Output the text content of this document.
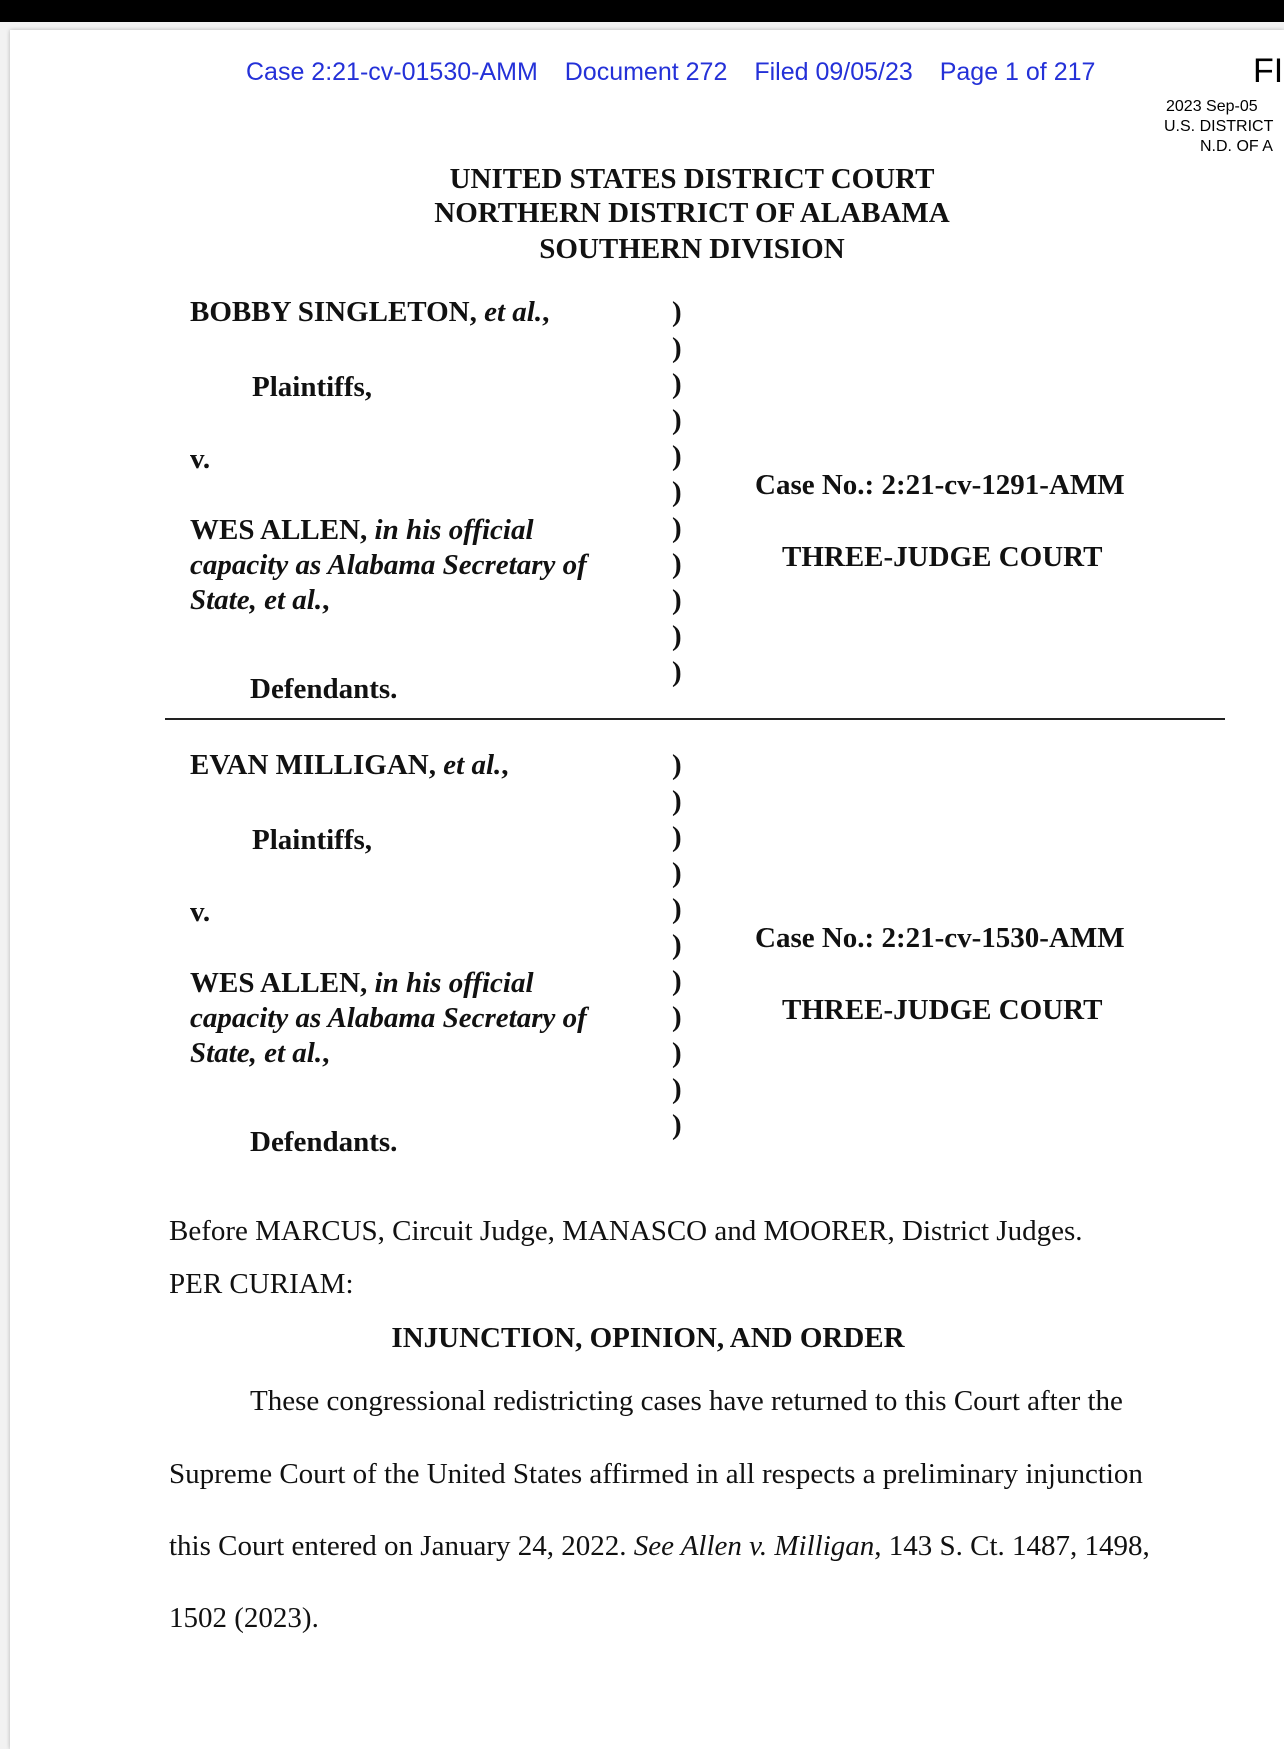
Case 2:21-cv-01530-AMM Document 272 Filed 09/05/23 Page 1 of 217	FI
2023 Sep-05
U.S. DISTRICT
N.D. OF A
UNITED STATES DISTRICT COURT
NORTHERN DISTRICT OF ALABAMA
SOUTHERN DIVISION
BOBBY SINGLETON, et al.,
Plaintiffs,
v.
WES ALLEN, in his official
capacity as Alabama Secretary of
State, et al.,
Defendants.
)
)
)
)
)
)
)
)
)
)
)
Case No.: 2:21-cv-1291-AMM
THREE-JUDGE COURT
EVAN MILLIGAN, et al.,
Plaintiffs,
v.
WES ALLEN, in his official
capacity as Alabama Secretary of
State, et al.,
Defendants.
)
)
)
)
)
)
)
)
)
)
)
Case No.: 2:21-cv-1530-AMM
THREE-JUDGE COURT
Before MARCUS, Circuit Judge, MANASCO and MOORER, District Judges.
PER CURIAM:
INJUNCTION, OPINION, AND ORDER
These congressional redistricting cases have returned to this Court after the
Supreme Court of the United States affirmed in all respects a preliminary injunction
this Court entered on January 24, 2022. See Allen v. Milligan, 143 S. Ct. 1487, 1498,
1502 (2023).
